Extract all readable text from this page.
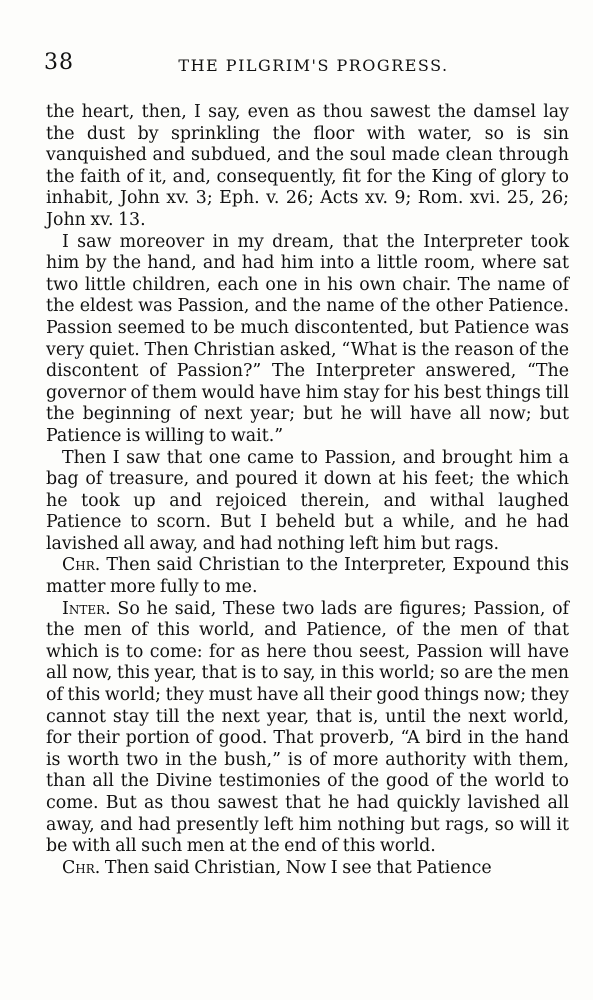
38	THE PILGRIM'S PROGRESS.

the heart, then, I say, even as thou sawest the damsel lay the dust by sprinkling the floor with water, so is sin vanquished and subdued, and the soul made clean through the faith of it, and, consequently, fit for the King of glory to inhabit, John xv. 3; Eph. v. 26; Acts xv. 9; Rom. xvi. 25, 26; John xv. 13.

I saw moreover in my dream, that the Interpreter took him by the hand, and had him into a little room, where sat two little children, each one in his own chair. The name of the eldest was Passion, and the name of the other Patience. Passion seemed to be much discontented, but Patience was very quiet. Then Christian asked, “What is the reason of the discontent of Passion?” The Interpreter answered, “The governor of them would have him stay for his best things till the beginning of next year; but he will have all now; but Patience is willing to wait.”

Then I saw that one came to Passion, and brought him a bag of treasure, and poured it down at his feet; the which he took up and rejoiced therein, and withal laughed Patience to scorn. But I beheld but a while, and he had lavished all away, and had nothing left him but rags.

Chr. Then said Christian to the Interpreter, Expound this matter more fully to me.

Inter. So he said, These two lads are figures; Passion, of the men of this world, and Patience, of the men of that which is to come: for as here thou seest, Passion will have all now, this year, that is to say, in this world; so are the men of this world; they must have all their good things now; they cannot stay till the next year, that is, until the next world, for their portion of good. That proverb, “A bird in the hand is worth two in the bush,” is of more authority with them, than all the Divine testimonies of the good of the world to come. But as thou sawest that he had quickly lavished all away, and had presently left him nothing but rags, so will it be with all such men at the end of this world.

Chr. Then said Christian, Now I see that Patience
